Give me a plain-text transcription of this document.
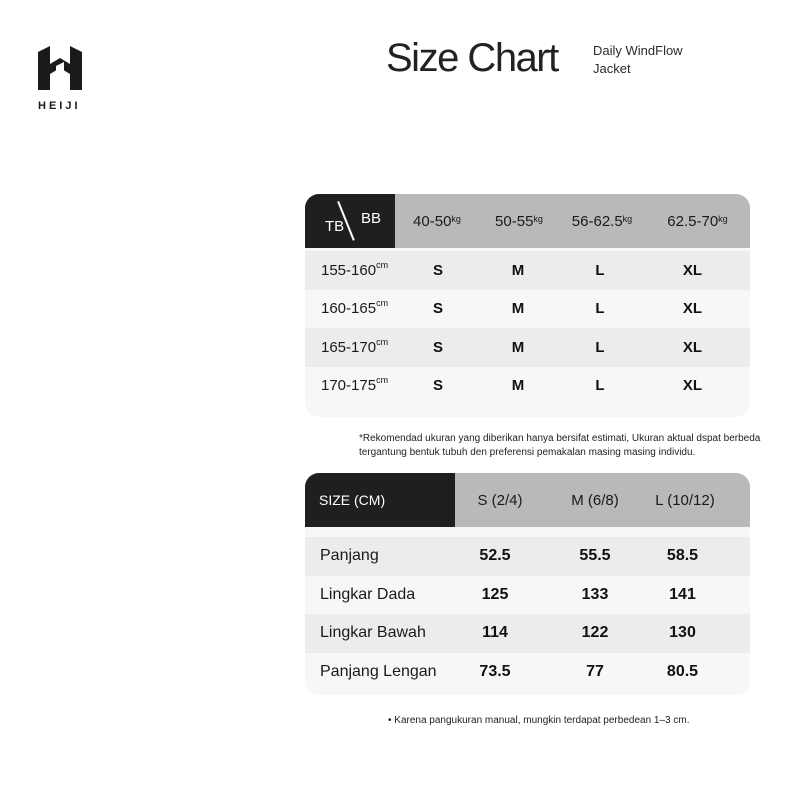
HEIJI
Size Chart	Daily WindFlow
Jacket
TB BB $40-50^{kg}$ $50-55^{kg}$ $56-62.5^{kg}$ $62.5-70^{kg}$
$155-160^{cm}$	S	M	L	XL
$160-165^{cm}$	S	M	L	XL
$165-170^{cm}$	S	M	L	XL
$170-175^{cm}$	S	M	L	XL
*Rekomendad ukuran yang diberikan hanya bersifat estimati, Ukuran aktual dspat berbeda tergantung bentuk tubuh den preferensi pemakalan masing masing individu.
SIZE (CM)	S (2/4)	M (6/8)	L (10/12)
Panjang	52.5	55.5	58.5
Lingkar Dada	125	133	141
Lingkar Bawah	114	122	130
Panjang Lengan	73.5	77	80.5
• Karena pangukuran manual, mungkin terdapat perbedean 1–3 cm.
